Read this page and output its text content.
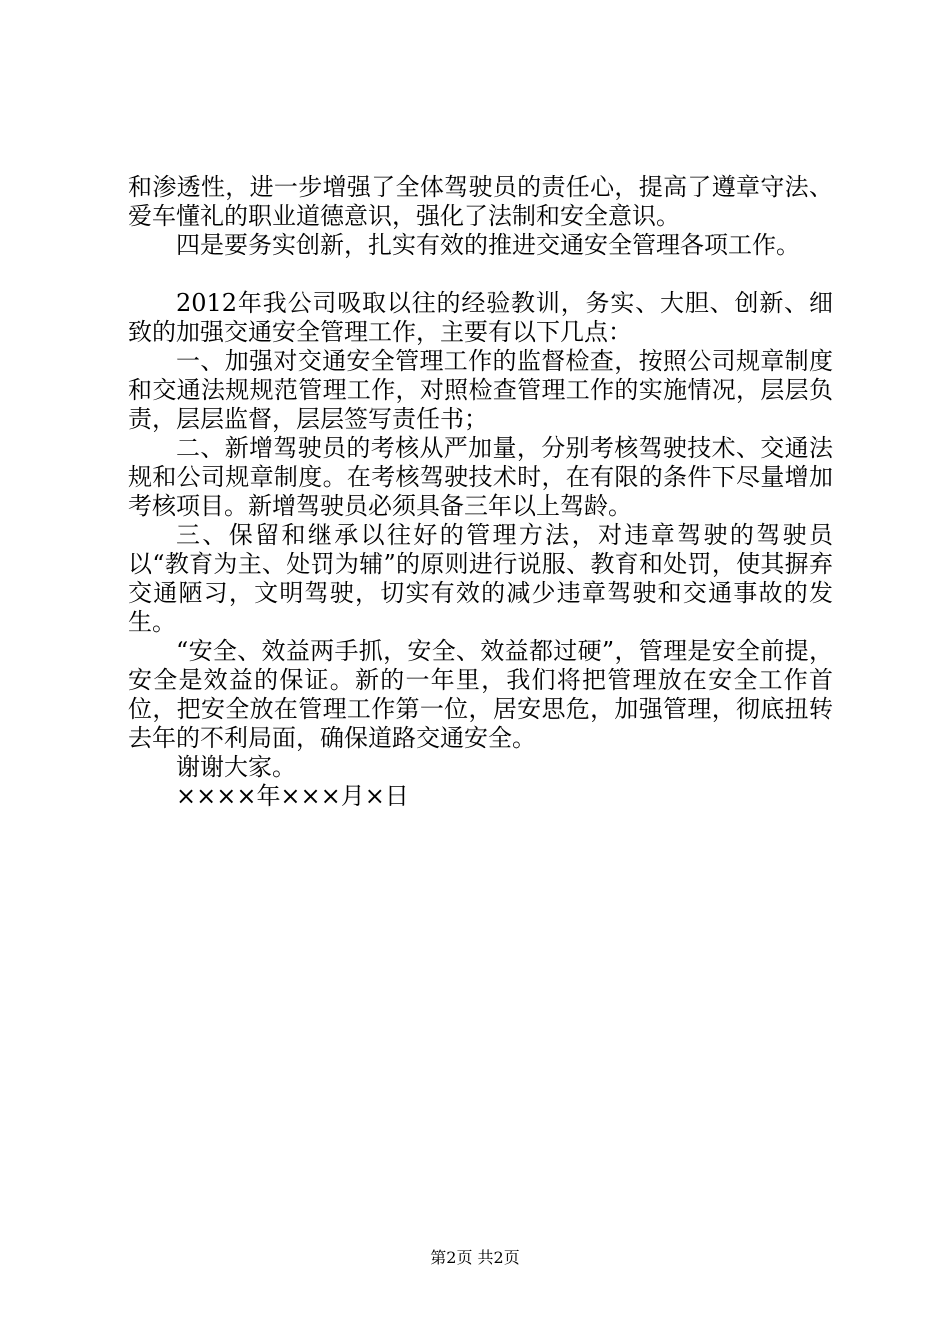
和渗透性，进一步增强了全体驾驶员的责任心，提高了遵章守法、爱车懂礼的职业道德意识，强化了法制和安全意识。

四是要务实创新，扎实有效的推进交通安全管理各项工作。

2012年我公司吸取以往的经验教训，务实、大胆、创新、细致的加强交通安全管理工作，主要有以下几点：

一、加强对交通安全管理工作的监督检查，按照公司规章制度和交通法规规范管理工作，对照检查管理工作的实施情况，层层负责，层层监督，层层签写责任书；

二、新增驾驶员的考核从严加量，分别考核驾驶技术、交通法规和公司规章制度。在考核驾驶技术时，在有限的条件下尽量增加考核项目。新增驾驶员必须具备三年以上驾龄。

三、保留和继承以往好的管理方法，对违章驾驶的驾驶员以“教育为主、处罚为辅”的原则进行说服、教育和处罚，使其摒弃交通陋习，文明驾驶，切实有效的减少违章驾驶和交通事故的发生。

“安全、效益两手抓，安全、效益都过硬”，管理是安全前提，安全是效益的保证。新的一年里，我们将把管理放在安全工作首位，把安全放在管理工作第一位，居安思危，加强管理，彻底扭转去年的不利局面，确保道路交通安全。

谢谢大家。

××××年×××月×日

第2页 共2页
